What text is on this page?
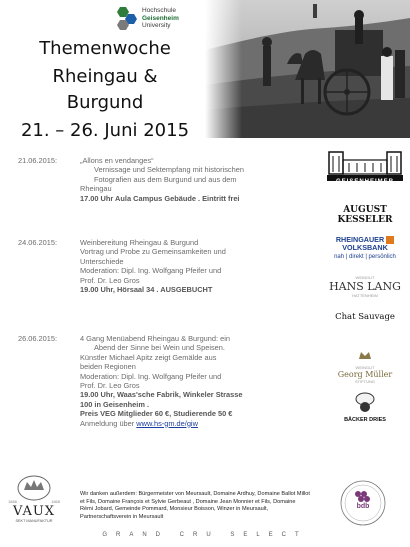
Hochschule
Geisenheim
University
Themenwoche
Rheingau &
Burgund
21. – 26. Juni 2015
21.06.2015:	„Allons en vendanges“

Vernissage und Sektempfang mit historischen
Fotografien aus dem Burgund und aus dem
Rheingau
17.00 Uhr Aula Campus Gebäude . Eintritt frei
24.06.2015:	Weinbereitung Rheingau & Burgund
Vortrag und Probe zu Gemeinsamkeiten und
Unterschiede
Moderation: Dipl. Ing. Wolfgang Pfeifer und
Prof. Dr. Leo Gros
19.00 Uhr, Hörsaal 34 . AUSGEBUCHT
26.06.2015:	4 Gang Menüabend Rheingau & Burgund: ein

Abend der Sinne bei Wein und Speisen.
Künstler Michael Apitz zeigt Gemälde aus
beiden Regionen
Moderation: Dipl. Ing. Wolfgang Pfeifer und
Prof. Dr. Leo Gros
19.00 Uhr, Waas'sche Fabrik, Winkeler Strasse
100 in Geisenheim .
Preis VEG Mitglieder 60 €, Studierende 50 €
Anmeldung über www.hs-gm.de/giw
GEISENHEIMER
AUGUST KESSELER
RHEINGAUER
VOLKSBANK
nah | direkt | persönlich
WEINGUT
HANS LANG
HATTENHEIM
Chat Sauvage
WEINGUT
Georg Müller
STIFTUNG
BÄCKER DRIES
1868	1868
VAUX
SEKT MANUFAKTUR
Wir danken außerdem: Bürgermeister von Meursault, Domaine Ardhuy, Domaine Ballot Millot et Fils, Domaine François et Sylvie Gerbeaut , Domaine Jean Monnier et Fils, Domaine Rémi Jobard, Gemeinde Pommard, Monsieur Boisson, Winzer in Meursault, Partnerschaftsverein in Meursault
bdb
GRAND CRU SELECT
